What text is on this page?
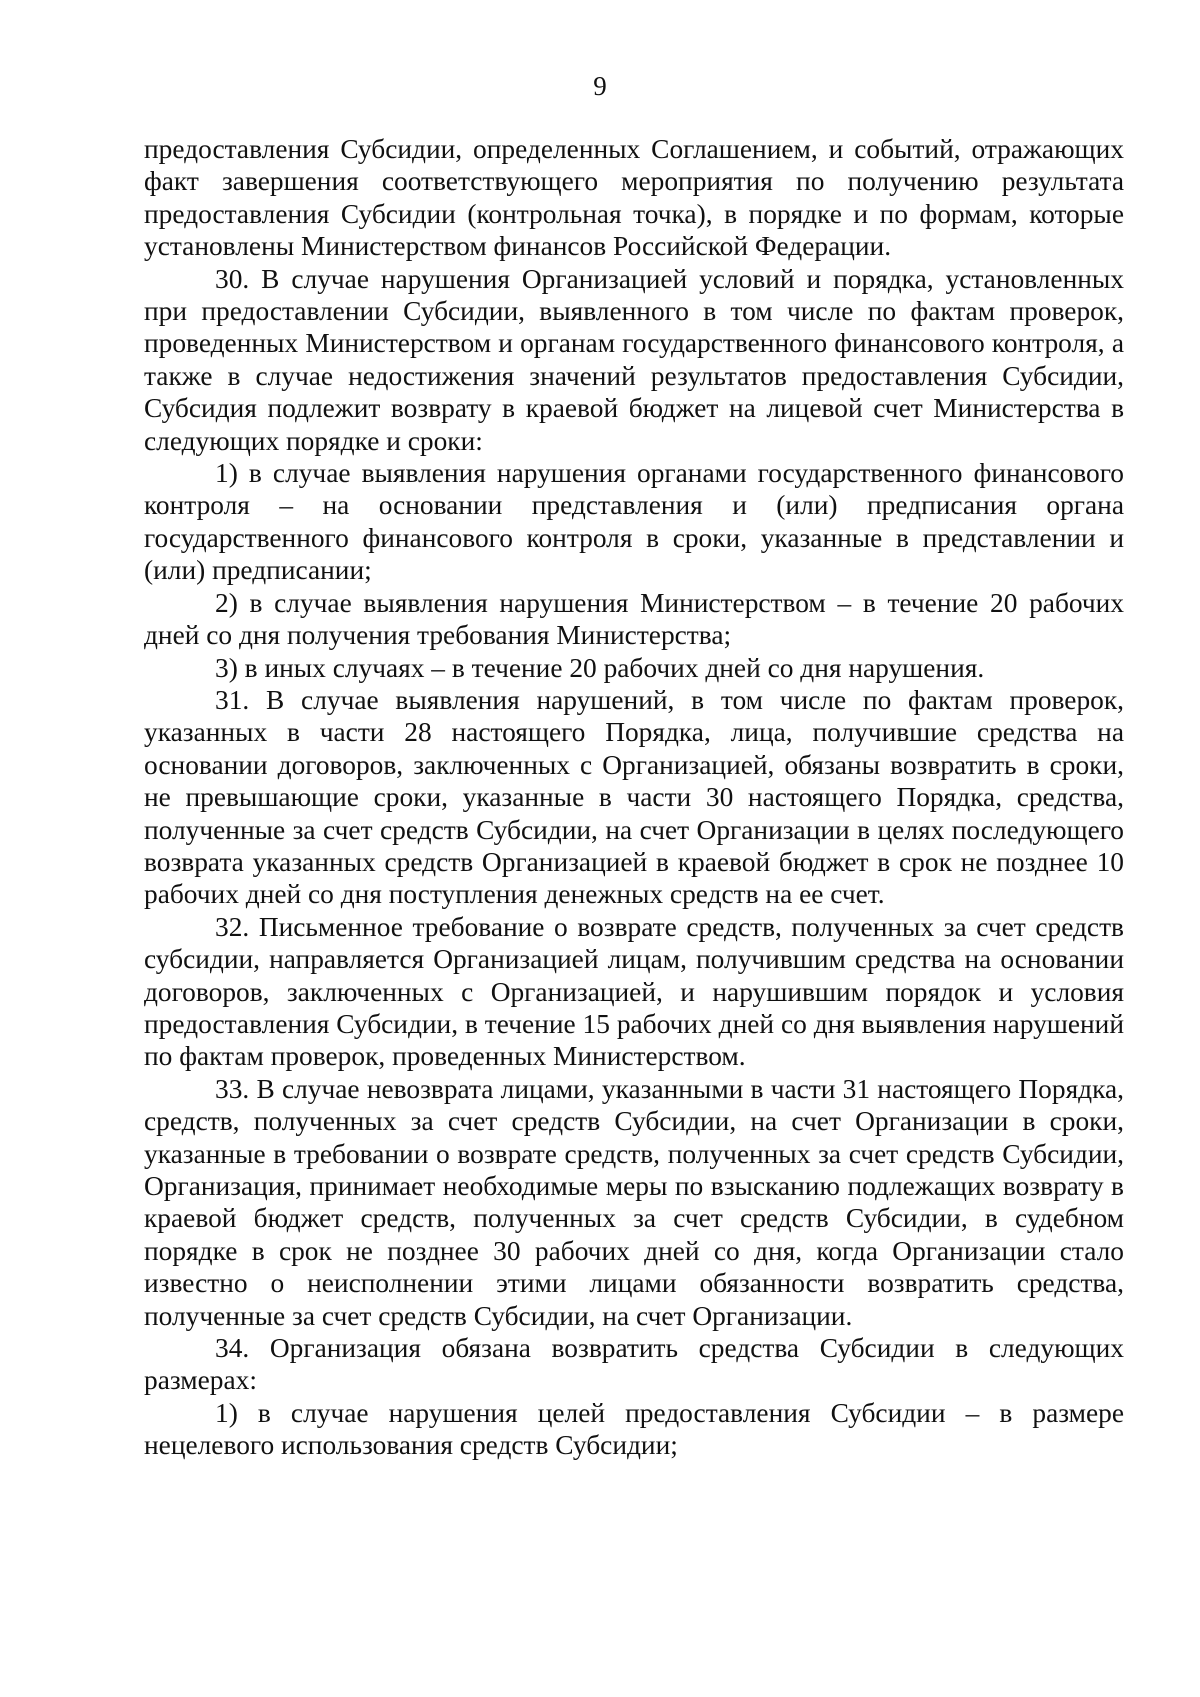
9

предоставления Субсидии, определенных Соглашением, и событий, отражающих факт завершения соответствующего мероприятия по получению результата предоставления Субсидии (контрольная точка), в порядке и по формам, которые установлены Министерством финансов Российской Федерации.

30. В случае нарушения Организацией условий и порядка, установленных при предоставлении Субсидии, выявленного в том числе по фактам проверок, проведенных Министерством и органам государственного финансового контроля, а также в случае недостижения значений результатов предоставления Субсидии, Субсидия подлежит возврату в краевой бюджет на лицевой счет Министерства в следующих порядке и сроки:

1) в случае выявления нарушения органами государственного финансового контроля – на основании представления и (или) предписания органа государственного финансового контроля в сроки, указанные в представлении и (или) предписании;

2) в случае выявления нарушения Министерством – в течение 20 рабочих дней со дня получения требования Министерства;

3) в иных случаях – в течение 20 рабочих дней со дня нарушения.

31. В случае выявления нарушений, в том числе по фактам проверок, указанных в части 28 настоящего Порядка, лица, получившие средства на основании договоров, заключенных с Организацией, обязаны возвратить в сроки, не превышающие сроки, указанные в части 30 настоящего Порядка, средства, полученные за счет средств Субсидии, на счет Организации в целях последующего возврата указанных средств Организацией в краевой бюджет в срок не позднее 10 рабочих дней со дня поступления денежных средств на ее счет.

32. Письменное требование о возврате средств, полученных за счет средств субсидии, направляется Организацией лицам, получившим средства на основании договоров, заключенных с Организацией, и нарушившим порядок и условия предоставления Субсидии, в течение 15 рабочих дней со дня выявления нарушений по фактам проверок, проведенных Министерством.

33. В случае невозврата лицами, указанными в части 31 настоящего Порядка, средств, полученных за счет средств Субсидии, на счет Организации в сроки, указанные в требовании о возврате средств, полученных за счет средств Субсидии, Организация, принимает необходимые меры по взысканию подлежащих возврату в краевой бюджет средств, полученных за счет средств Субсидии, в судебном порядке в срок не позднее 30 рабочих дней со дня, когда Организации стало известно о неисполнении этими лицами обязанности возвратить средства, полученные за счет средств Субсидии, на счет Организации.

34. Организация обязана возвратить средства Субсидии в следующих размерах:

1) в случае нарушения целей предоставления Субсидии – в размере нецелевого использования средств Субсидии;
